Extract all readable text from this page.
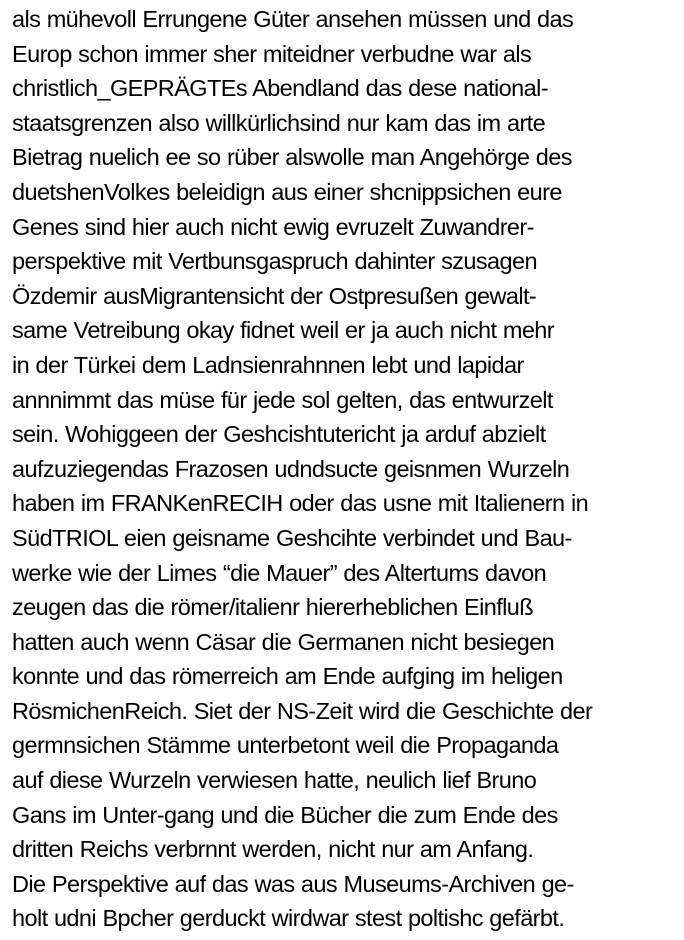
als mühevoll Errungene Güter ansehen müssen und das
Europ schon immer sher miteidner verbudne war als
christlich_GEPRÄGTEs Abendland das dese national-
staatsgrenzen also willkürlichsind nur kam das im arte
Bietrag nuelich ee so rüber alswolle man Angehörge des
duetshenVolkes beleidign aus einer shcnippsichen eure
Genes sind hier auch nicht ewig evruzelt Zuwandrer-
perspektive mit Vertbunsgaspruch dahinter szusagen
Özdemir ausMigrantensicht der Ostpresußen gewalt-
same Vetreibung okay fidnet weil er ja auch nicht mehr
in der Türkei dem Ladnsienrahnnen lebt und lapidar
annnimmt das müse für jede sol gelten, das entwurzelt
sein. Wohiggeen der Geshcishtutericht ja arduf abzielt
aufzuziegendas Frazosen udndsucte geisnmen Wurzeln
haben im FRANKenRECIH oder das usne mit Italienern in
SüdTRIOL eien geisname Geshcihte verbindet und Bau-
werke wie der Limes “die Mauer” des Altertums davon
zeugen das die römer/italienr hiererheblichen Einfluß
hatten auch wenn Cäsar die Germanen nicht besiegen
konnte und das römerreich am Ende aufging im heligen
RösmichenReich. Siet der NS-Zeit wird die Geschichte der
germnsichen Stämme unterbetont weil die Propaganda
auf diese Wurzeln verwiesen hatte, neulich lief Bruno
Gans im Unter-gang und die Bücher die zum Ende des
dritten Reichs verbrnnt werden, nicht nur am Anfang.
Die Perspektive auf das was aus Museums-Archiven ge-
holt udni Bpcher gerduckt wirdwar stest poltishc gefärbt.
